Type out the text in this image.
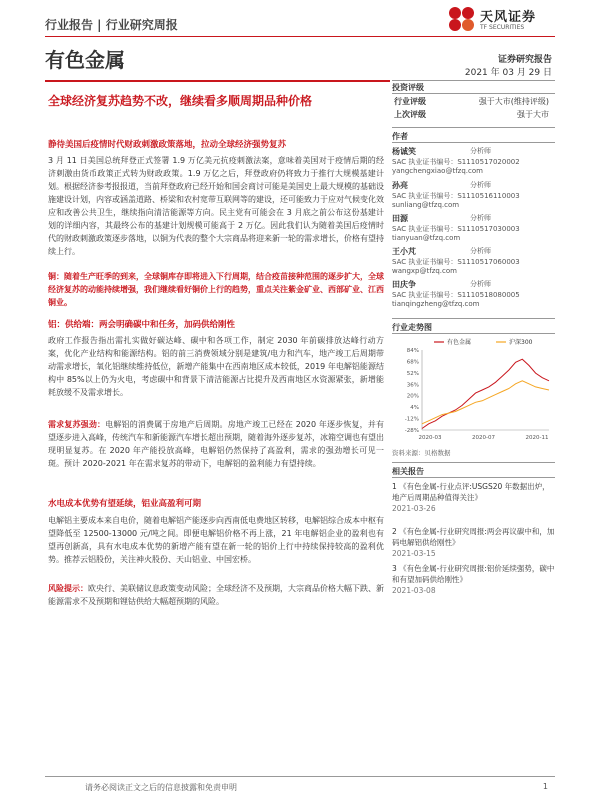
行业报告 | 行业研究周报	天风证券
TF SECURITIES
有色金属	证券研究报告
2021 年 03 月 29 日
全球经济复苏趋势不改，继续看多顺周期品种价格
静待美国后疫情时代财政刺激政策落地，拉动全球经济强势复苏
3 月 11 日美国总统拜登正式签署 1.9 万亿美元抗疫刺激法案，意味着美国对于疫情后期的经济刺激由货币政策正式转为财政政策。1.9 万亿之后，拜登政府仍将致力于推行大规模基建计划。根据经济参考报报道，当前拜登政府已经开始和国会商讨可能是美国史上最大规模的基础设施建设计划，内容或涵盖道路、桥梁和农村宽带互联网等的建设，还可能致力于应对气候变化效应和改善公共卫生，继续指向清洁能源等方向。民主党有可能会在 3 月底之前公布这份基建计划的详细内容，其最终公布的基建计划规模可能高于 2 万亿。因此我们认为随着美国后疫情时代的财政刺激政策逐步落地，以铜为代表的整个大宗商品将迎来新一轮的需求增长，价格有望持续上行。
铜：随着生产旺季的到来，全球铜库存即将进入下行周期，结合疫苗接种范围的逐步扩大，全球经济复苏的动能持续增强，我们继续看好铜价上行的趋势，重点关注紫金矿业、西部矿业、江西铜业。
铝：供给端：两会明确碳中和任务，加码供给刚性
政府工作报告指出需扎实做好碳达峰、碳中和各项工作，制定 2030 年前碳排放达峰行动方案，优化产业结构和能源结构。铝的前三消费领域分别是建筑/电力和汽车，地产竣工后周期带动需求增长，氧化铝继续维持低位，新增产能集中在西南地区成本较低，2019 年电解铝能源结构中 85%以上仍为火电，考虑碳中和背景下清洁能源占比提升及西南地区水资源紧张，新增能耗放缓不及需求增长。
需求复苏强劲：电解铝的消费属于房地产后周期。房地产竣工已经在 2020 年逐步恢复，并有望逐步进入高峰，传统汽车和新能源汽车增长超出预期，随着海外逐步复苏，冰箱空调也有望出现明显复苏。在 2020 年产能投放高峰，电解铝仍然保持了高盈利，需求的强劲增长可见一斑。预计 2020-2021 年在需求复苏的带动下，电解铝的盈利能力有望持续。
水电成本优势有望延续，铝业高盈利可期
电解铝主要成本来自电价，随着电解铝产能逐步向西南低电费地区转移，电解铝综合成本中枢有望降低至 12500-13000 元/吨之间。即便电解铝价格不再上涨，21 年电解铝企业的盈利也有望再创新高，具有水电成本优势的新增产能有望在新一轮的铝价上行中持续保持较高的盈利优势。推荐云铝股份，关注神火股份、天山铝业、中国宏桥。
风险提示：欧央行、美联储议息政策变动风险；全球经济不及预期，大宗商品价格大幅下跌、新能源需求不及预期和锂钴供给大幅超预期的风险。
投资评级
行业评级	强于大市(维持评级)
上次评级	强于大市
作者
杨诚笑	分析师
SAC 执业证书编号：S1110517020002
yangchengxiao@tfzq.com
孙亮	分析师
SAC 执业证书编号：S1110516110003
sunliang@tfzq.com
田源	分析师
SAC 执业证书编号：S1110517030003
tianyuan@tfzq.com
王小芃	分析师
SAC 执业证书编号：S1110517060003
wangxp@tfzq.com
田庆争	分析师
SAC 执业证书编号：S1110518080005
tianqingzheng@tfzq.com
行业走势图
84%
68%
52%
36%
20%
4%
-12%
-28%
2020-03	2020-07	2020-11
有色金属	沪深300
资料来源：贝格数据
相关报告
1 《有色金属-行业点评:USGS20 年数据出炉，地产后周期品种值得关注》
2021-03-26
2 《有色金属-行业研究周报:两会再议碳中和，加码电解铝供给刚性》
2021-03-15
3 《有色金属-行业研究周报:铝价延续强势，碳中和有望加码供给刚性》
2021-03-08
请务必阅读正文之后的信息披露和免责申明	1
